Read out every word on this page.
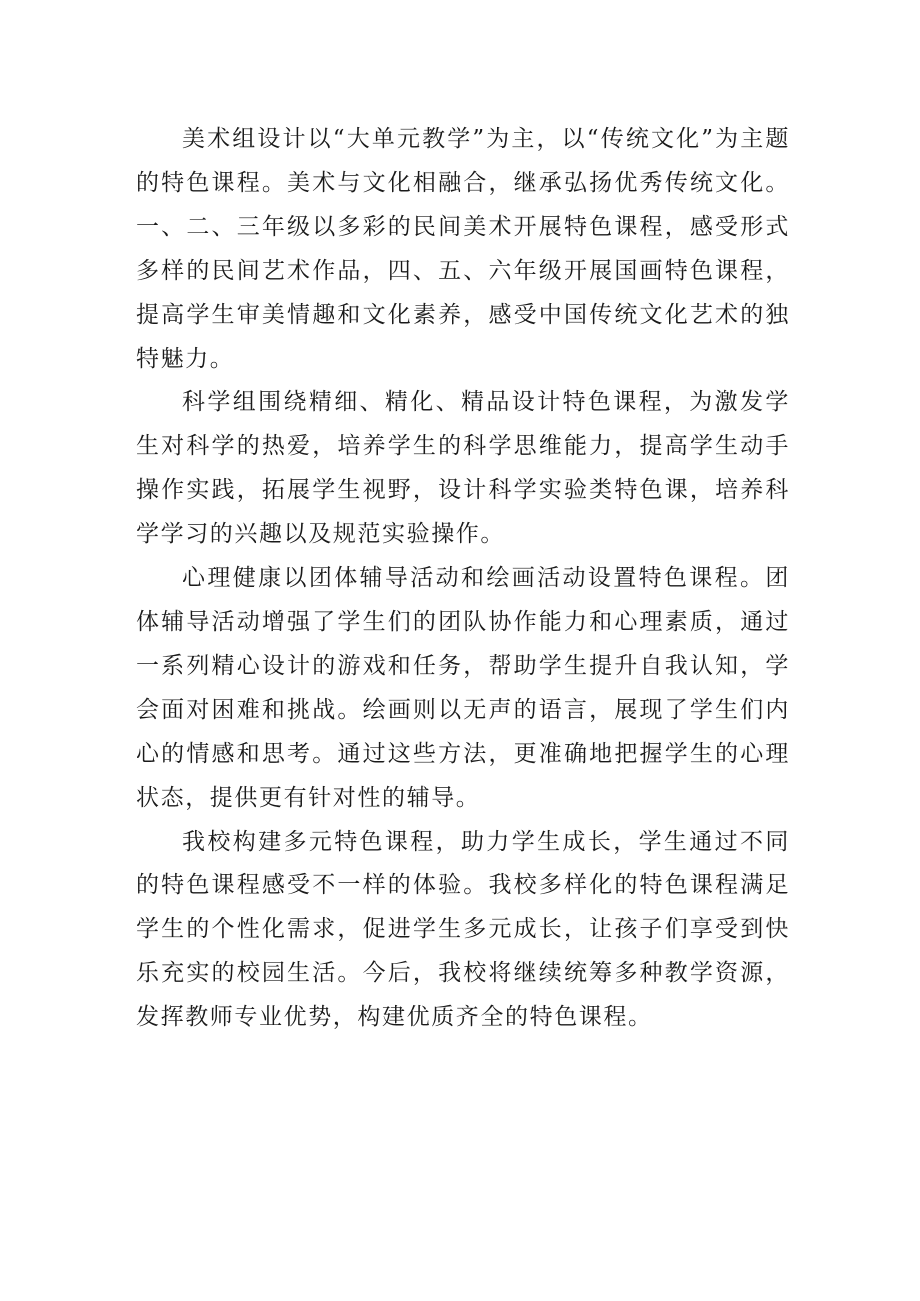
美术组设计以“大单元教学”为主，以“传统文化”为主题的特色课程。美术与文化相融合，继承弘扬优秀传统文化。一、二、三年级以多彩的民间美术开展特色课程，感受形式多样的民间艺术作品，四、五、六年级开展国画特色课程，提高学生审美情趣和文化素养，感受中国传统文化艺术的独特魅力。

科学组围绕精细、精化、精品设计特色课程，为激发学生对科学的热爱，培养学生的科学思维能力，提高学生动手操作实践，拓展学生视野，设计科学实验类特色课，培养科学学习的兴趣以及规范实验操作。

心理健康以团体辅导活动和绘画活动设置特色课程。团体辅导活动增强了学生们的团队协作能力和心理素质，通过一系列精心设计的游戏和任务，帮助学生提升自我认知，学会面对困难和挑战。绘画则以无声的语言，展现了学生们内心的情感和思考。通过这些方法，更准确地把握学生的心理状态，提供更有针对性的辅导。

我校构建多元特色课程，助力学生成长，学生通过不同的特色课程感受不一样的体验。我校多样化的特色课程满足学生的个性化需求，促进学生多元成长，让孩子们享受到快乐充实的校园生活。今后，我校将继续统筹多种教学资源，发挥教师专业优势，构建优质齐全的特色课程。
